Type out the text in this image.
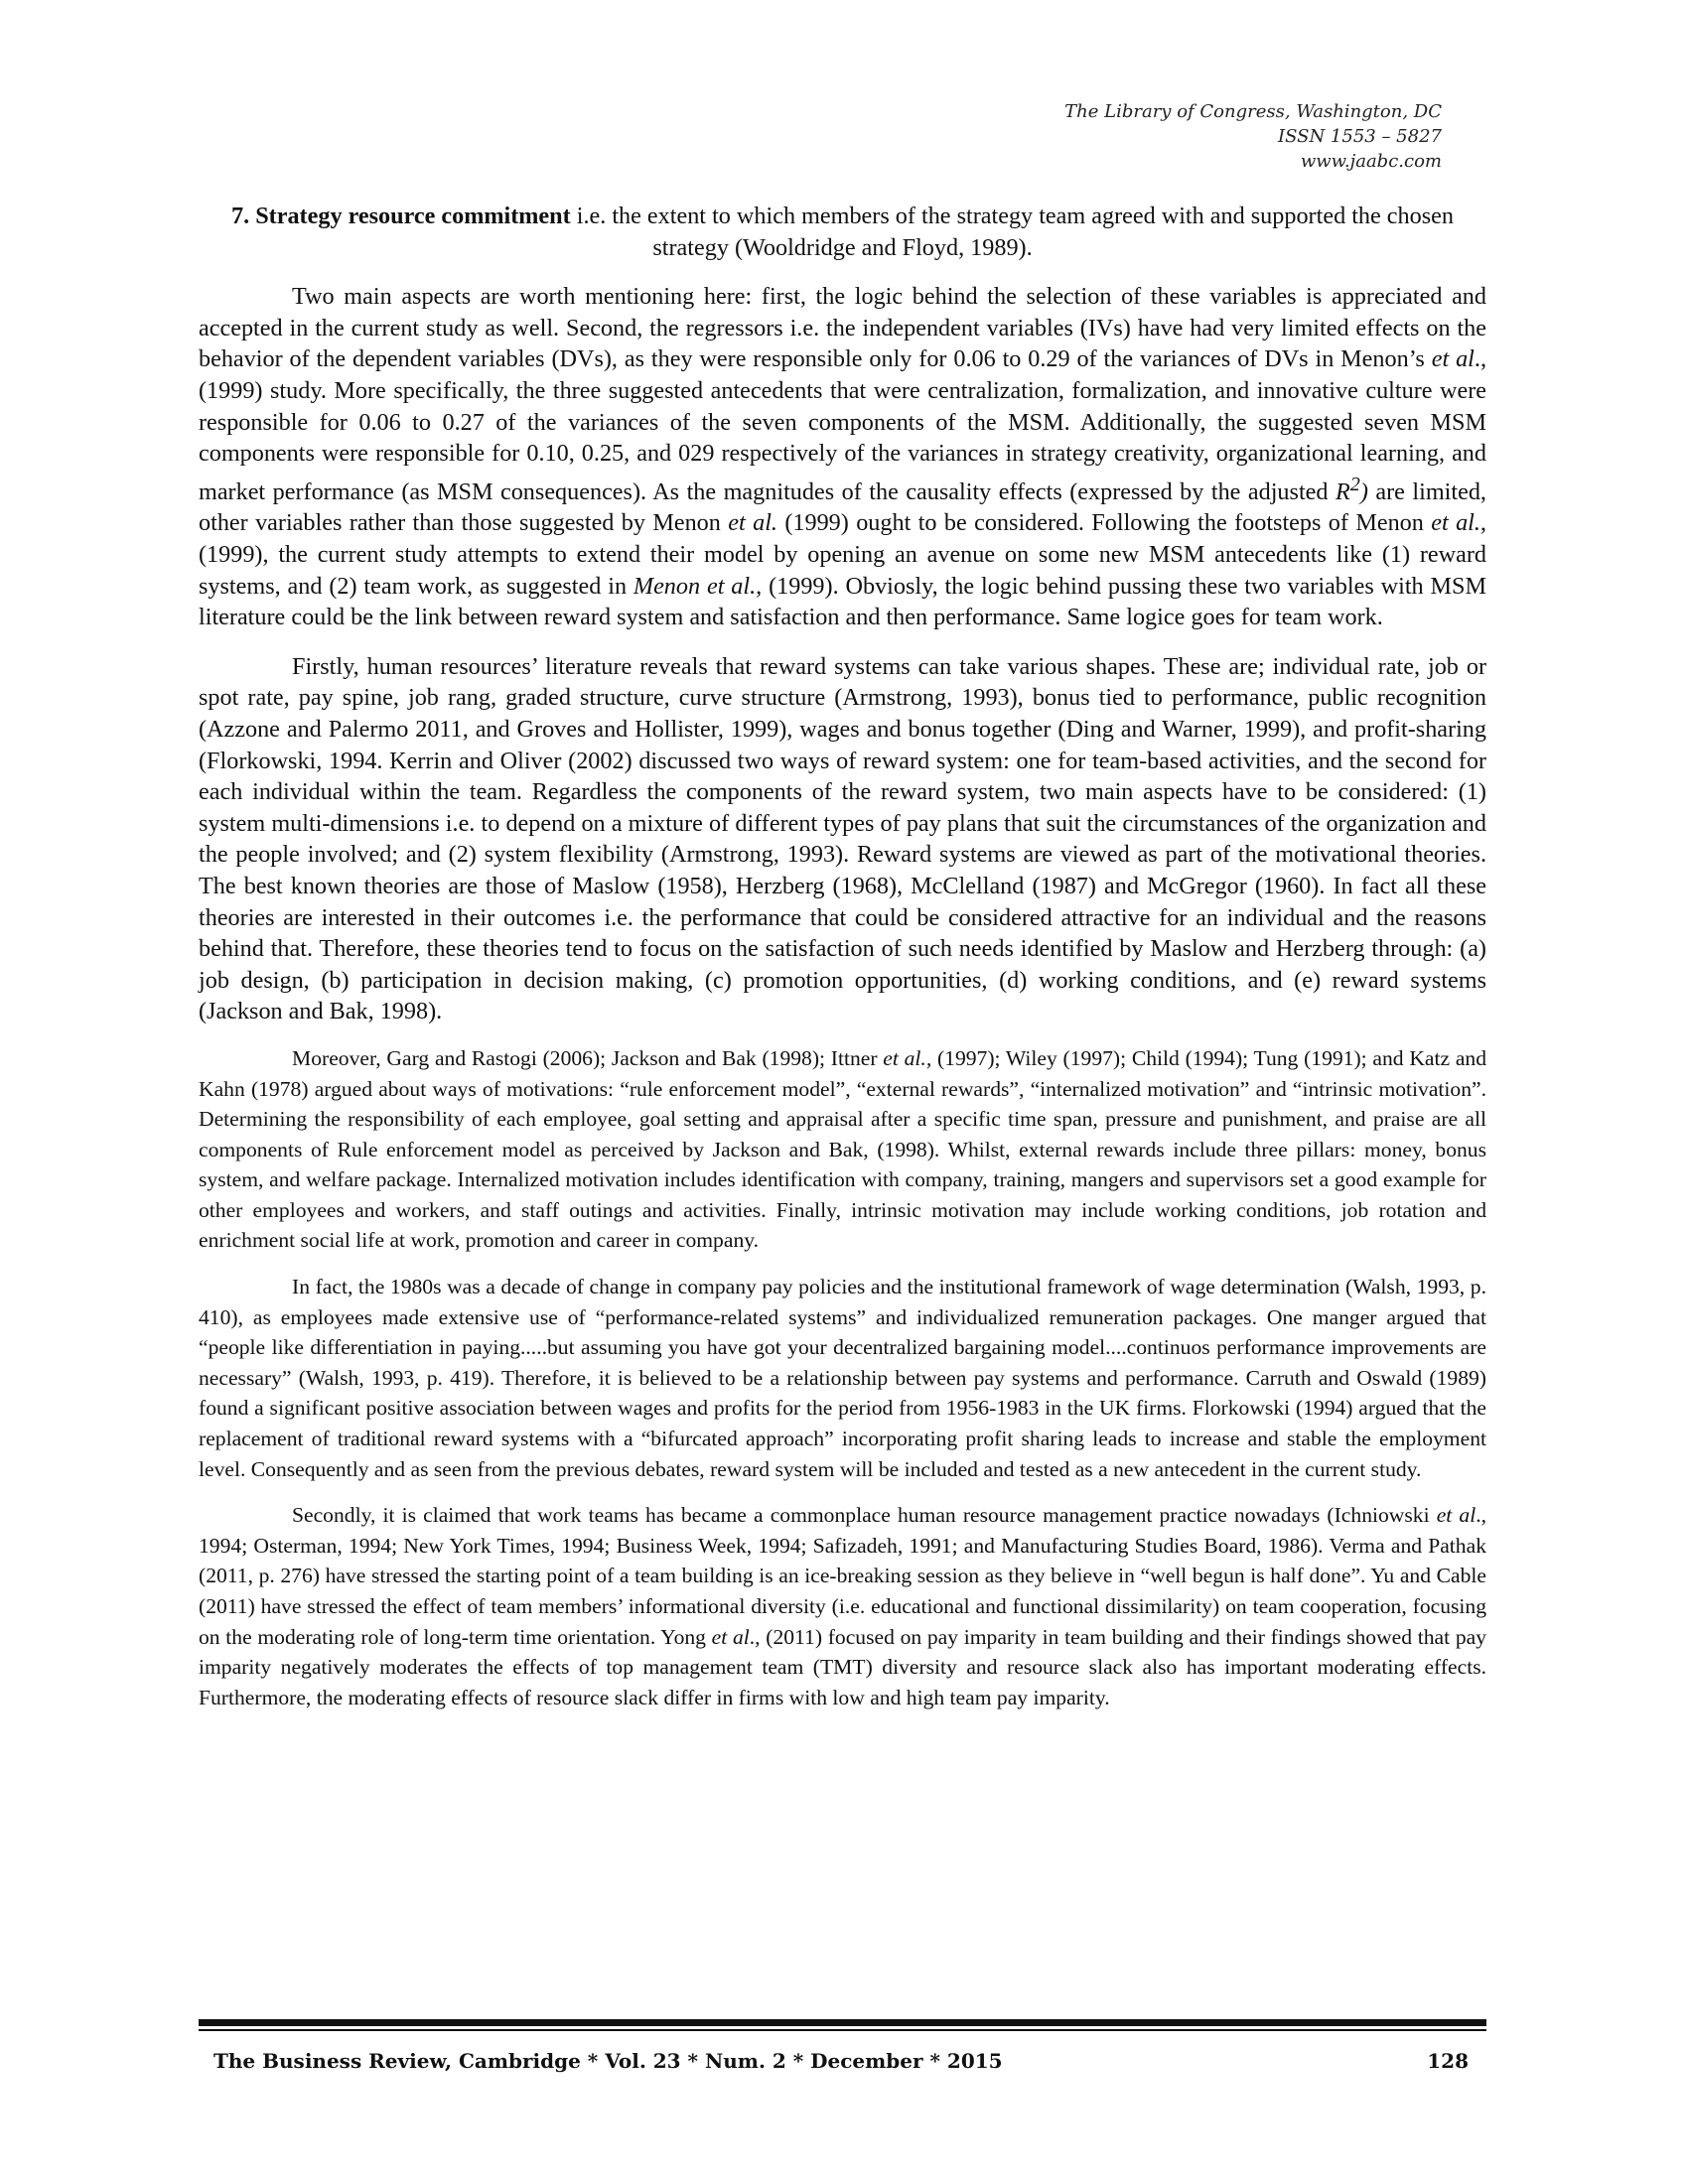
The Library of Congress, Washington, DC
ISSN 1553 – 5827
www.jaabc.com

7. Strategy resource commitment i.e. the extent to which members of the strategy team agreed with and supported the chosen strategy (Wooldridge and Floyd, 1989).

Two main aspects are worth mentioning here: first, the logic behind the selection of these variables is appreciated and accepted in the current study as well. Second, the regressors i.e. the independent variables (IVs) have had very limited effects on the behavior of the dependent variables (DVs), as they were responsible only for 0.06 to 0.29 of the variances of DVs in Menon’s et al., (1999) study. More specifically, the three suggested antecedents that were centralization, formalization, and innovative culture were responsible for 0.06 to 0.27 of the variances of the seven components of the MSM. Additionally, the suggested seven MSM components were responsible for 0.10, 0.25, and 029 respectively of the variances in strategy creativity, organizational learning, and market performance (as MSM consequences). As the magnitudes of the causality effects (expressed by the adjusted $R^2$) are limited, other variables rather than those suggested by Menon et al. (1999) ought to be considered. Following the footsteps of Menon et al., (1999), the current study attempts to extend their model by opening an avenue on some new MSM antecedents like (1) reward systems, and (2) team work, as suggested in Menon et al., (1999). Obviosly, the logic behind pussing these two variables with MSM literature could be the link between reward system and satisfaction and then performance. Same logice goes for team work.

Firstly, human resources’ literature reveals that reward systems can take various shapes. These are; individual rate, job or spot rate, pay spine, job rang, graded structure, curve structure (Armstrong, 1993), bonus tied to performance, public recognition (Azzone and Palermo 2011, and Groves and Hollister, 1999), wages and bonus together (Ding and Warner, 1999), and profit-sharing (Florkowski, 1994. Kerrin and Oliver (2002) discussed two ways of reward system: one for team-based activities, and the second for each individual within the team. Regardless the components of the reward system, two main aspects have to be considered: (1) system multi-dimensions i.e. to depend on a mixture of different types of pay plans that suit the circumstances of the organization and the people involved; and (2) system flexibility (Armstrong, 1993). Reward systems are viewed as part of the motivational theories. The best known theories are those of Maslow (1958), Herzberg (1968), McClelland (1987) and McGregor (1960). In fact all these theories are interested in their outcomes i.e. the performance that could be considered attractive for an individual and the reasons behind that. Therefore, these theories tend to focus on the satisfaction of such needs identified by Maslow and Herzberg through: (a) job design, (b) participation in decision making, (c) promotion opportunities, (d) working conditions, and (e) reward systems (Jackson and Bak, 1998).

Moreover, Garg and Rastogi (2006); Jackson and Bak (1998); Ittner et al., (1997); Wiley (1997); Child (1994); Tung (1991); and Katz and Kahn (1978) argued about ways of motivations: “rule enforcement model”, “external rewards”, “internalized motivation” and “intrinsic motivation”. Determining the responsibility of each employee, goal setting and appraisal after a specific time span, pressure and punishment, and praise are all components of Rule enforcement model as perceived by Jackson and Bak, (1998). Whilst, external rewards include three pillars: money, bonus system, and welfare package. Internalized motivation includes identification with company, training, mangers and supervisors set a good example for other employees and workers, and staff outings and activities. Finally, intrinsic motivation may include working conditions, job rotation and enrichment social life at work, promotion and career in company.

In fact, the 1980s was a decade of change in company pay policies and the institutional framework of wage determination (Walsh, 1993, p. 410), as employees made extensive use of “performance-related systems” and individualized remuneration packages. One manger argued that “people like differentiation in paying.....but assuming you have got your decentralized bargaining model....continuos performance improvements are necessary” (Walsh, 1993, p. 419). Therefore, it is believed to be a relationship between pay systems and performance. Carruth and Oswald (1989) found a significant positive association between wages and profits for the period from 1956-1983 in the UK firms. Florkowski (1994) argued that the replacement of traditional reward systems with a “bifurcated approach” incorporating profit sharing leads to increase and stable the employment level. Consequently and as seen from the previous debates, reward system will be included and tested as a new antecedent in the current study.

Secondly, it is claimed that work teams has became a commonplace human resource management practice nowadays (Ichniowski et al., 1994; Osterman, 1994; New York Times, 1994; Business Week, 1994; Safizadeh, 1991; and Manufacturing Studies Board, 1986). Verma and Pathak (2011, p. 276) have stressed the starting point of a team building is an ice-breaking session as they believe in “well begun is half done”. Yu and Cable (2011) have stressed the effect of team members’ informational diversity (i.e. educational and functional dissimilarity) on team cooperation, focusing on the moderating role of long-term time orientation. Yong et al., (2011) focused on pay imparity in team building and their findings showed that pay imparity negatively moderates the effects of top management team (TMT) diversity and resource slack also has important moderating effects. Furthermore, the moderating effects of resource slack differ in firms with low and high team pay imparity.

The Business Review, Cambridge * Vol. 23 * Num. 2 * December * 2015	128
